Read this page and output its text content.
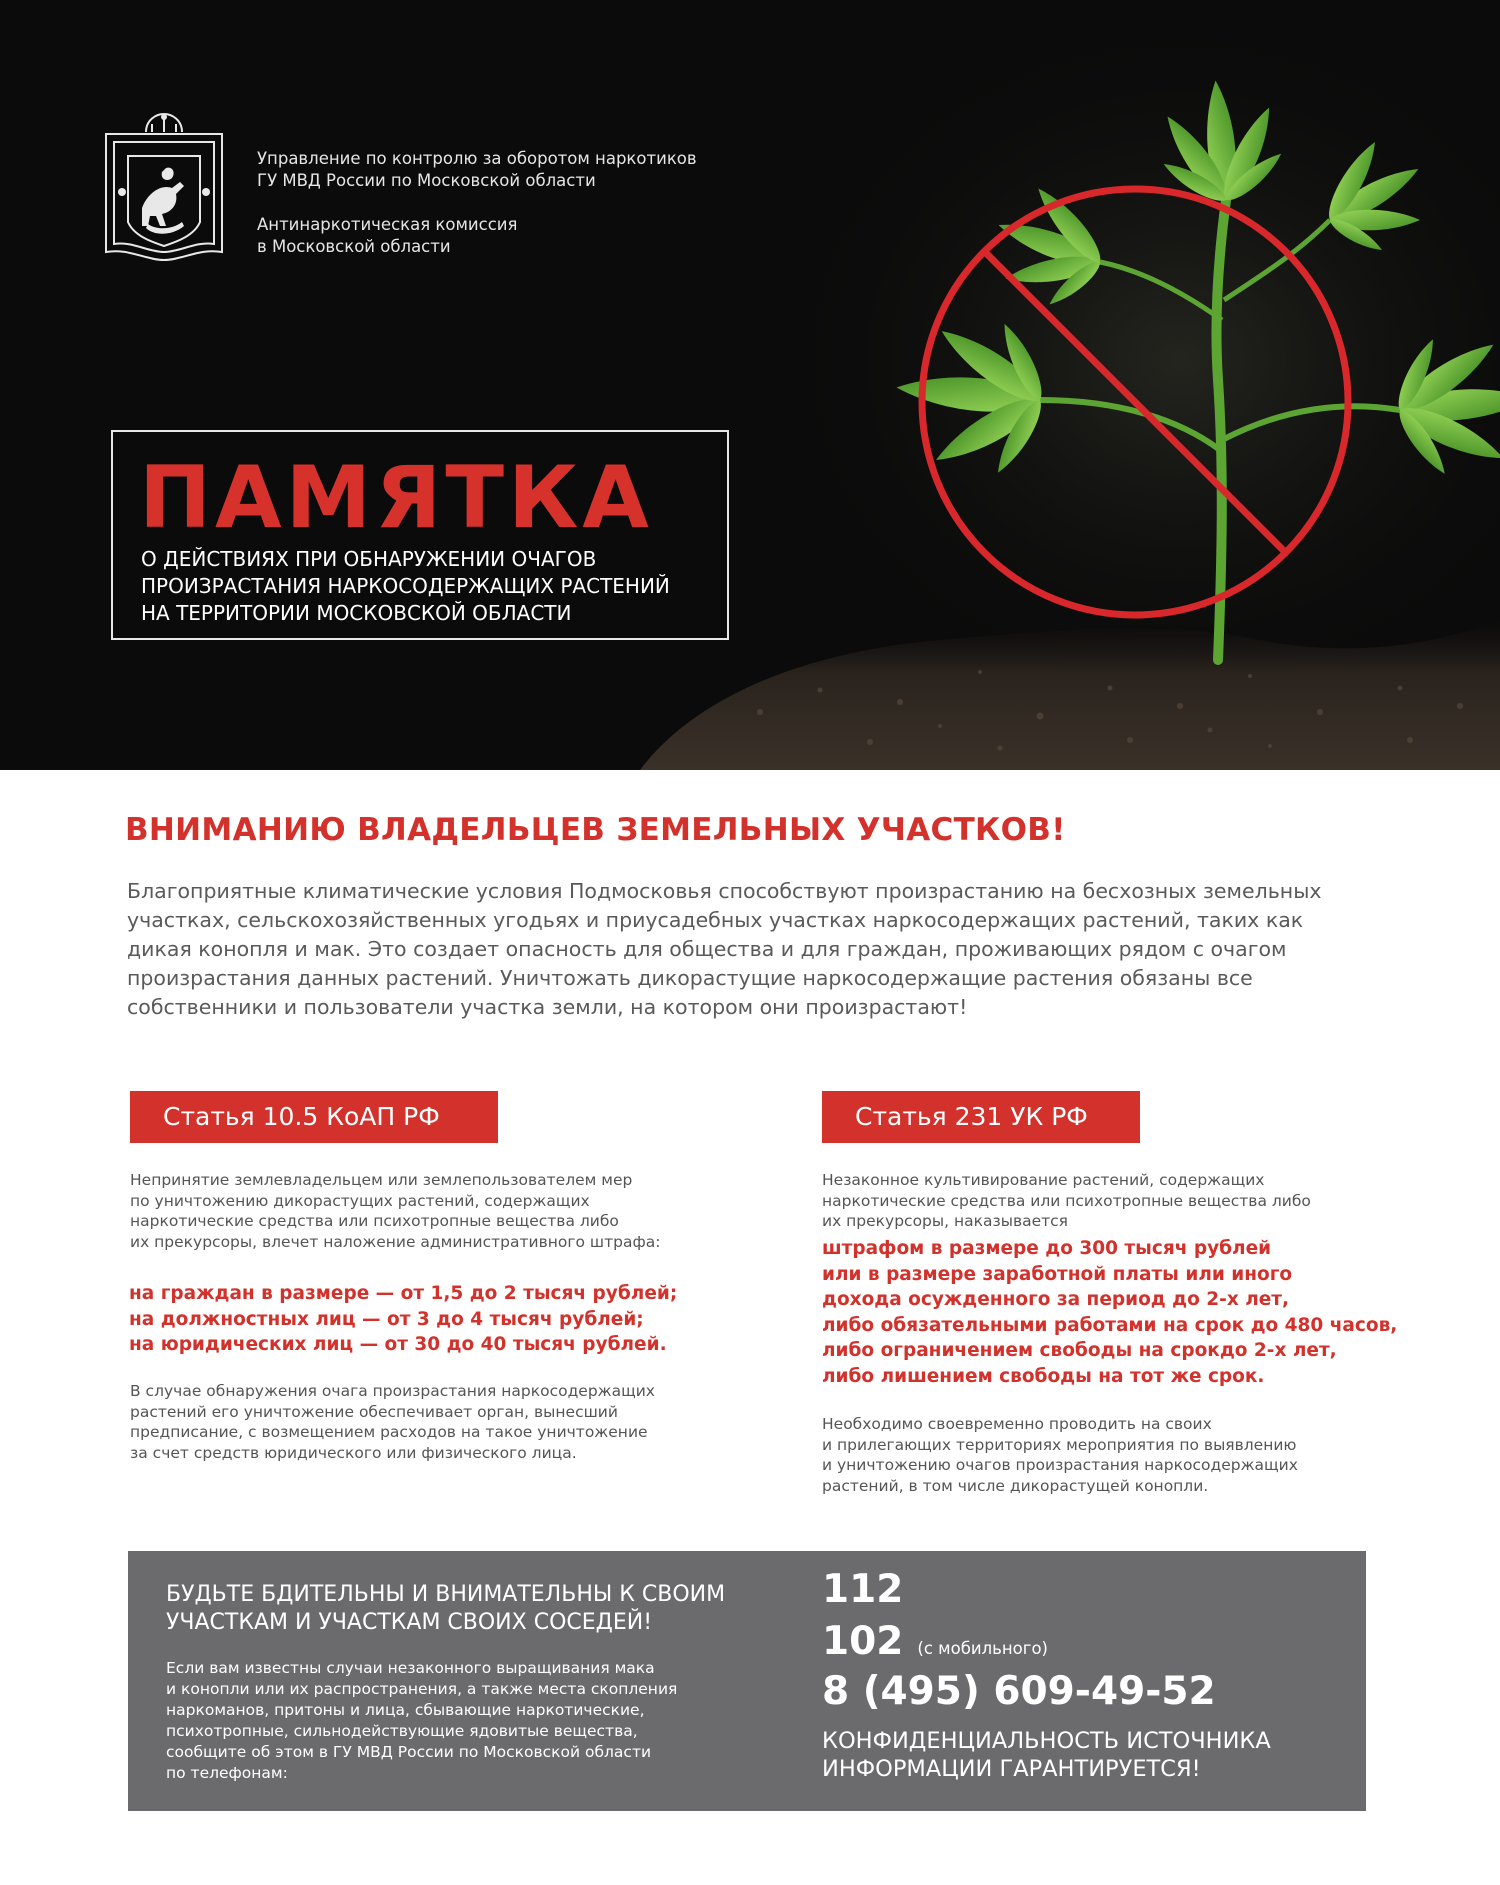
Управление по контролю за оборотом наркотиков
ГУ МВД России по Московской области
Антинаркотическая комиссия
в Московской области
ПАМЯТКА
О ДЕЙСТВИЯХ ПРИ ОБНАРУЖЕНИИ ОЧАГОВ
ПРОИЗРАСТАНИЯ НАРКОСОДЕРЖАЩИХ РАСТЕНИЙ
НА ТЕРРИТОРИИ МОСКОВСКОЙ ОБЛАСТИ
ВНИМАНИЮ ВЛАДЕЛЬЦЕВ ЗЕМЕЛЬНЫХ УЧАСТКОВ!
Благоприятные климатические условия Подмосковья способствуют произрастанию на бесхозных земельных
участках, сельскохозяйственных угодьях и приусадебных участках наркосодержащих растений, таких как
дикая конопля и мак. Это создает опасность для общества и для граждан, проживающих рядом с очагом
произрастания данных растений. Уничтожать дикорастущие наркосодержащие растения обязаны все
собственники и пользователи участка земли, на котором они произрастают!
Статья 10.5 КоАП РФ
Непринятие землевладельцем или землепользователем мер
по уничтожению дикорастущих растений, содержащих
наркотические средства или психотропные вещества либо
их прекурсоры, влечет наложение административного штрафа:
на граждан в размере — от 1,5 до 2 тысяч рублей;
на должностных лиц — от 3 до 4 тысяч рублей;
на юридических лиц — от 30 до 40 тысяч рублей.
В случае обнаружения очага произрастания наркосодержащих
растений его уничтожение обеспечивает орган, вынесший
предписание, с возмещением расходов на такое уничтожение
за счет средств юридического или физического лица.
Статья 231 УК РФ
Незаконное культивирование растений, содержащих
наркотические средства или психотропные вещества либо
их прекурсоры, наказывается
штрафом в размере до 300 тысяч рублей
или в размере заработной платы или иного
дохода осужденного за период до 2-х лет,
либо обязательными работами на срок до 480 часов,
либо ограничением свободы на срокдо 2-х лет,
либо лишением свободы на тот же срок.
Необходимо своевременно проводить на своих
и прилегающих территориях мероприятия по выявлению
и уничтожению очагов произрастания наркосодержащих
растений, в том числе дикорастущей конопли.
БУДЬТЕ БДИТЕЛЬНЫ И ВНИМАТЕЛЬНЫ К СВОИМ
УЧАСТКАМ И УЧАСТКАМ СВОИХ СОСЕДЕЙ!
Если вам известны случаи незаконного выращивания мака
и конопли или их распространения, а также места скопления
наркоманов, притоны и лица, сбывающие наркотические,
психотропные, сильнодействующие ядовитые вещества,
сообщите об этом в ГУ МВД России по Московской области
по телефонам:
112
102 (с мобильного)
8 (495) 609-49-52
КОНФИДЕНЦИАЛЬНОСТЬ ИСТОЧНИКА
ИНФОРМАЦИИ ГАРАНТИРУЕТСЯ!
